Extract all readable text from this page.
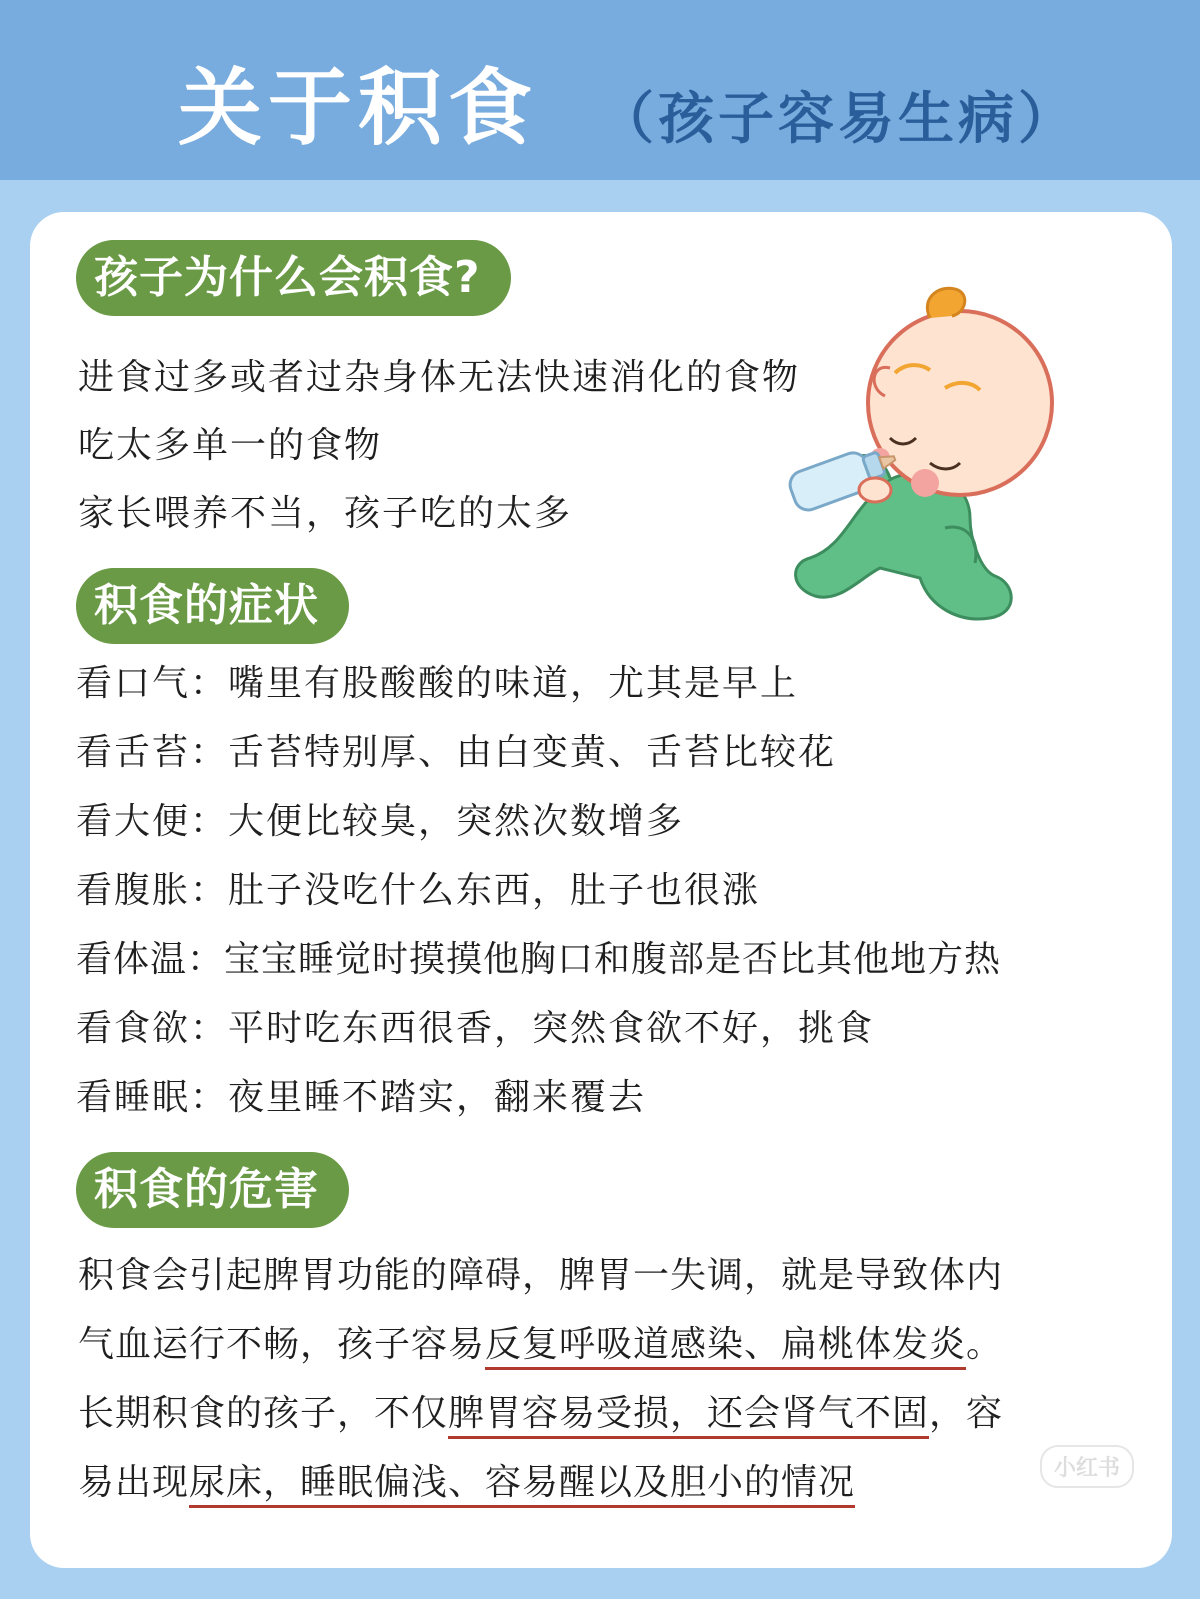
关于积食 （孩子容易生病）
孩子为什么会积食?
进食过多或者过杂身体无法快速消化的食物
吃太多单一的食物
家长喂养不当，孩子吃的太多
积食的症状
看口气：嘴里有股酸酸的味道，尤其是早上
看舌苔：舌苔特别厚、由白变黄、舌苔比较花
看大便：大便比较臭，突然次数增多
看腹胀：肚子没吃什么东西，肚子也很涨
看体温：宝宝睡觉时摸摸他胸口和腹部是否比其他地方热
看食欲：平时吃东西很香，突然食欲不好，挑食
看睡眠：夜里睡不踏实，翻来覆去
积食的危害
积食会引起脾胃功能的障碍，脾胃一失调，就是导致体内
气血运行不畅，孩子容易反复呼吸道感染、扁桃体发炎。
长期积食的孩子，不仅脾胃容易受损，还会肾气不固，容
易出现尿床，睡眠偏浅、容易醒以及胆小的情况	小红书
